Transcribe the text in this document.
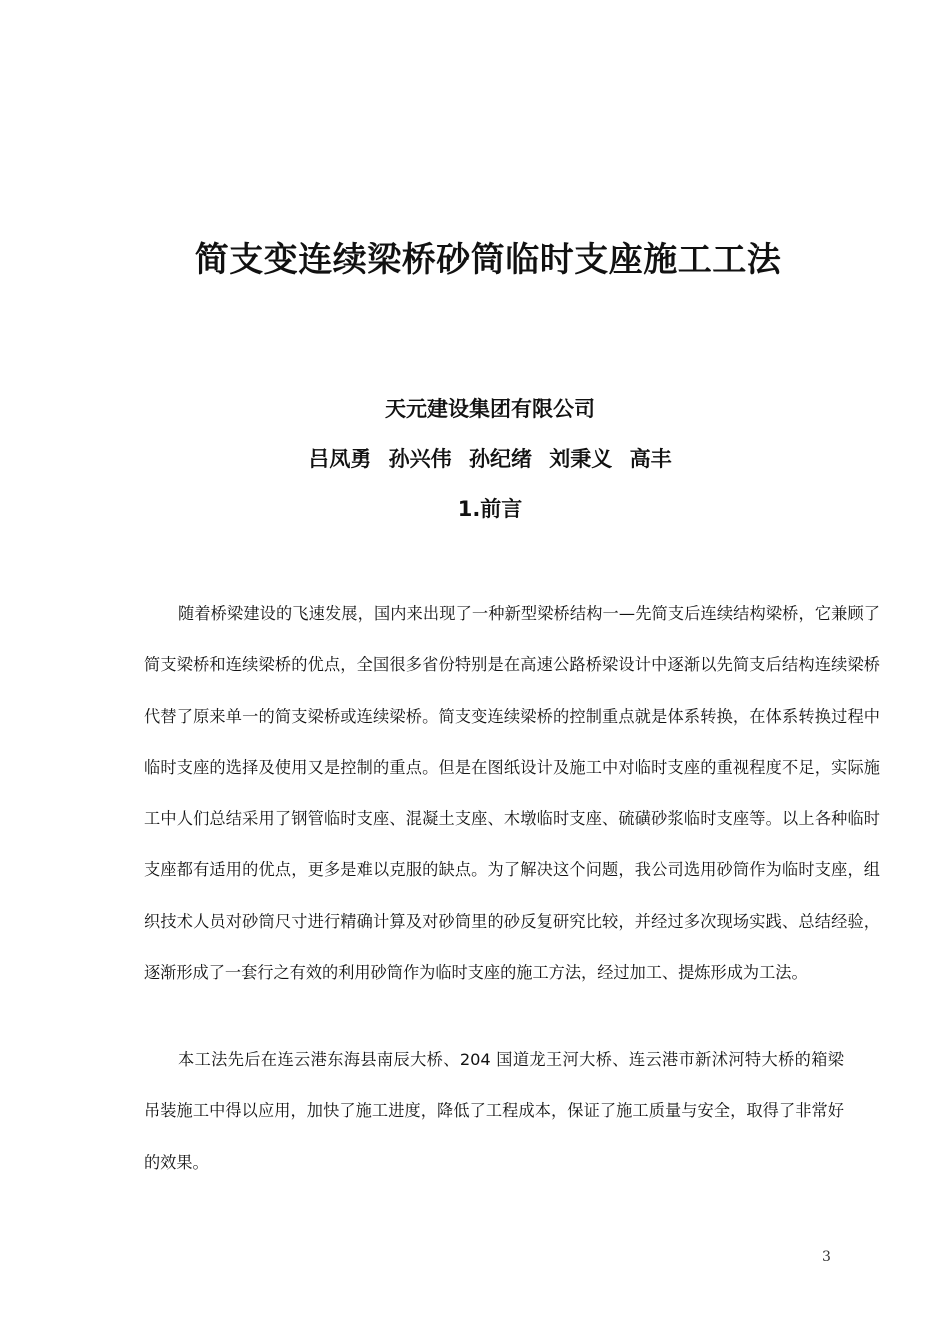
简支变连续梁桥砂筒临时支座施工工法
天元建设集团有限公司
吕凤勇 孙兴伟 孙纪绪 刘秉义 高丰
1.前言

随着桥梁建设的飞速发展，国内来出现了一种新型梁桥结构一—先简支后连续结构梁桥，它兼顾了简支梁桥和连续梁桥的优点，全国很多省份特别是在高速公路桥梁设计中逐渐以先简支后结构连续梁桥代替了原来单一的简支梁桥或连续梁桥。简支变连续梁桥的控制重点就是体系转换，在体系转换过程中临时支座的选择及使用又是控制的重点。但是在图纸设计及施工中对临时支座的重视程度不足，实际施工中人们总结采用了钢管临时支座、混凝土支座、木墩临时支座、硫磺砂浆临时支座等。以上各种临时支座都有适用的优点，更多是难以克服的缺点。为了解决这个问题，我公司选用砂筒作为临时支座，组织技术人员对砂筒尺寸进行精确计算及对砂筒里的砂反复研究比较，并经过多次现场实践、总结经验，逐渐形成了一套行之有效的利用砂筒作为临时支座的施工方法，经过加工、提炼形成为工法。

本工法先后在连云港东海县南辰大桥、204 国道龙王河大桥、连云港市新沭河特大桥的箱梁吊装施工中得以应用，加快了施工进度，降低了工程成本，保证了施工质量与安全，取得了非常好的效果。

3
